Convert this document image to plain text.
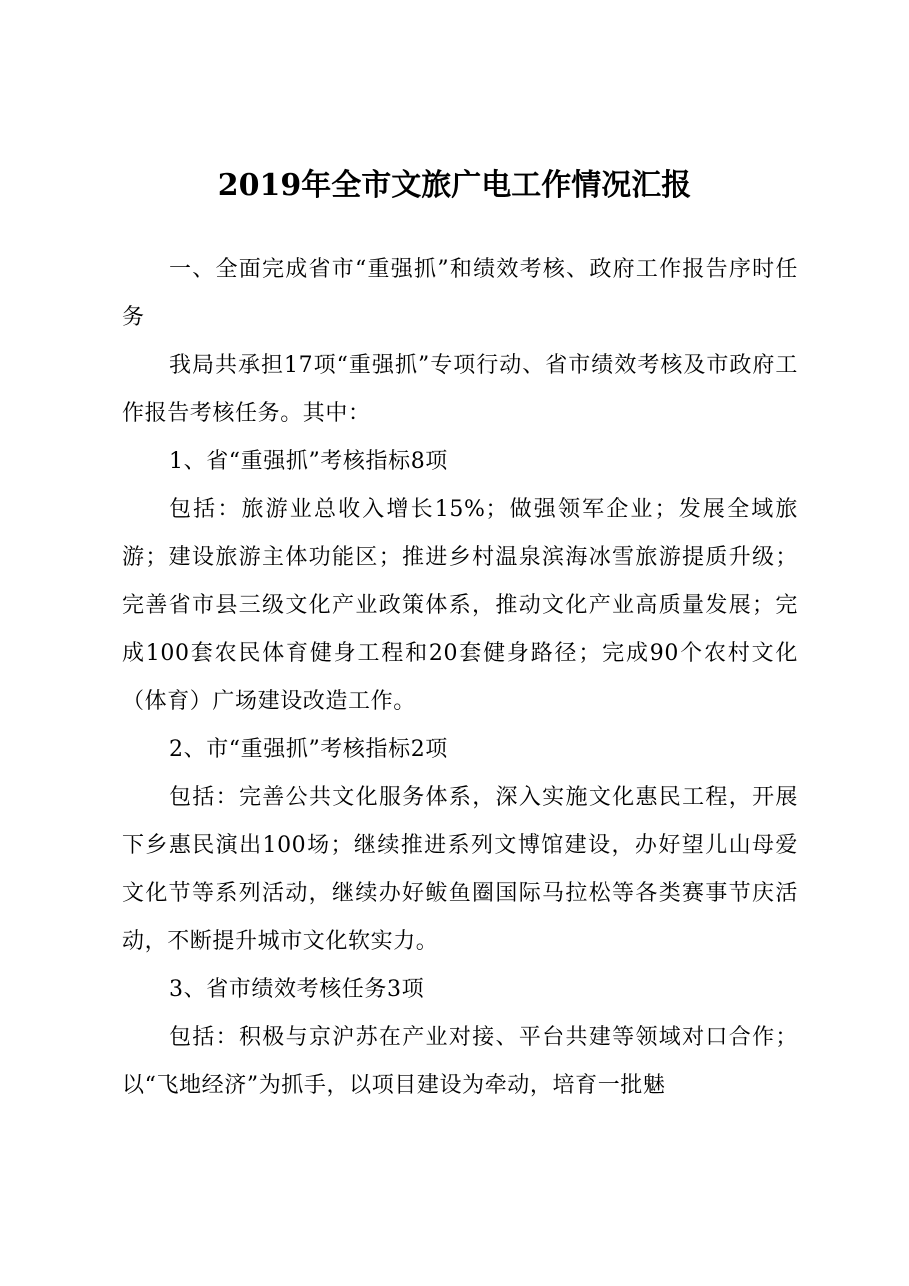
2019年全市文旅广电工作情况汇报

一、全面完成省市“重强抓”和绩效考核、政府工作报告序时任务

我局共承担17项“重强抓”专项行动、省市绩效考核及市政府工作报告考核任务。其中：

1、省“重强抓”考核指标8项

包括：旅游业总收入增长15%；做强领军企业；发展全域旅游；建设旅游主体功能区；推进乡村温泉滨海冰雪旅游提质升级；完善省市县三级文化产业政策体系，推动文化产业高质量发展；完成100套农民体育健身工程和20套健身路径；完成90个农村文化（体育）广场建设改造工作。

2、市“重强抓”考核指标2项

包括：完善公共文化服务体系，深入实施文化惠民工程，开展下乡惠民演出100场；继续推进系列文博馆建设，办好望儿山母爱文化节等系列活动，继续办好鲅鱼圈国际马拉松等各类赛事节庆活动，不断提升城市文化软实力。

3、省市绩效考核任务3项

包括：积极与京沪苏在产业对接、平台共建等领域对口合作；以“飞地经济”为抓手，以项目建设为牵动，培育一批魅
